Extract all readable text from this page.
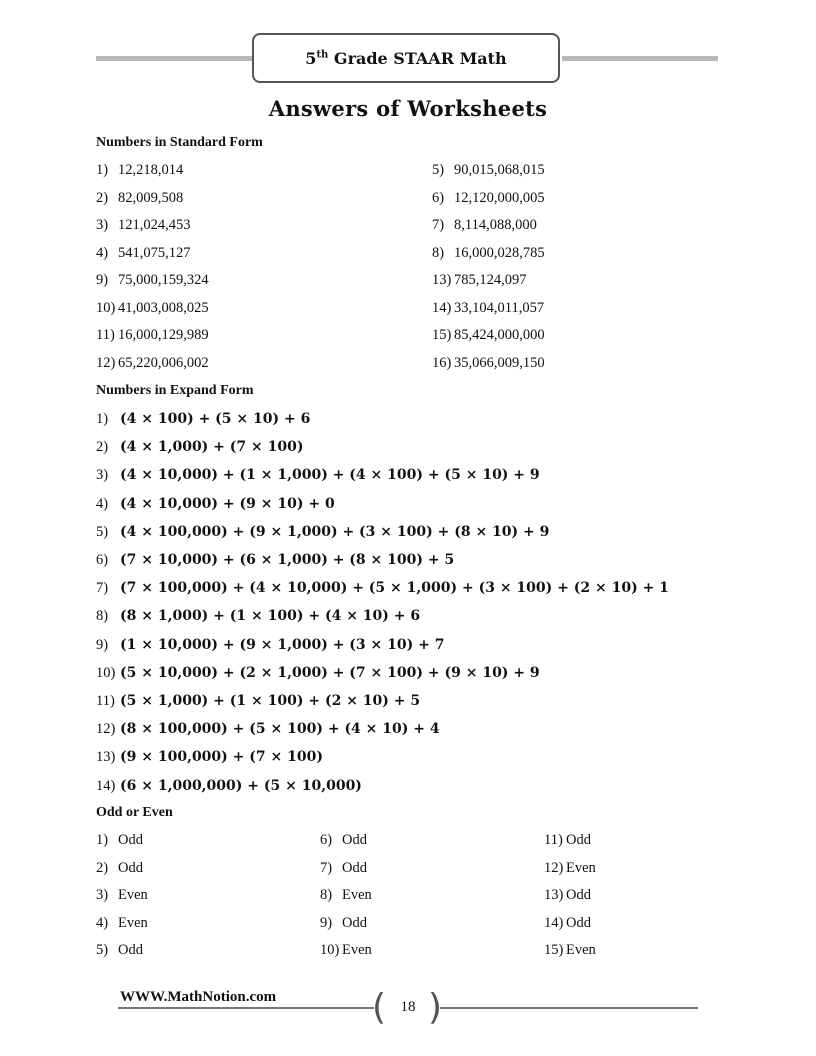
5th Grade STAAR Math
Answers of Worksheets
Numbers in Standard Form
1) 12,218,014
2) 82,009,508
3) 121,024,453
4) 541,075,127
9) 75,000,159,324
10) 41,003,008,025
11) 16,000,129,989
12) 65,220,006,002
5) 90,015,068,015
6) 12,120,000,005
7) 8,114,088,000
8) 16,000,028,785
13) 785,124,097
14) 33,104,011,057
15) 85,424,000,000
16) 35,066,009,150
Numbers in Expand Form
1) (4 × 100) + (5 × 10) + 6
2) (4 × 1,000) + (7 × 100)
3) (4 × 10,000) + (1 × 1,000) + (4 × 100) + (5 × 10) + 9
4) (4 × 10,000) + (9 × 10) + 0
5) (4 × 100,000) + (9 × 1,000) + (3 × 100) + (8 × 10) + 9
6) (7 × 10,000) + (6 × 1,000) + (8 × 100) + 5
7) (7 × 100,000) + (4 × 10,000) + (5 × 1,000) + (3 × 100) + (2 × 10) + 1
8) (8 × 1,000) + (1 × 100) + (4 × 10) + 6
9) (1 × 10,000) + (9 × 1,000) + (3 × 10) + 7
10) (5 × 10,000) + (2 × 1,000) + (7 × 100) + (9 × 10) + 9
11) (5 × 1,000) + (1 × 100) + (2 × 10) + 5
12) (8 × 100,000) + (5 × 100) + (4 × 10) + 4
13) (9 × 100,000) + (7 × 100)
14) (6 × 1,000,000) + (5 × 10,000)
Odd or Even
1) Odd
2) Odd
3) Even
4) Even
5) Odd
6) Odd
7) Odd
8) Even
9) Odd
10) Even
11) Odd
12) Even
13) Odd
14) Odd
15) Even
WWW.MathNotion.com	( )
18
